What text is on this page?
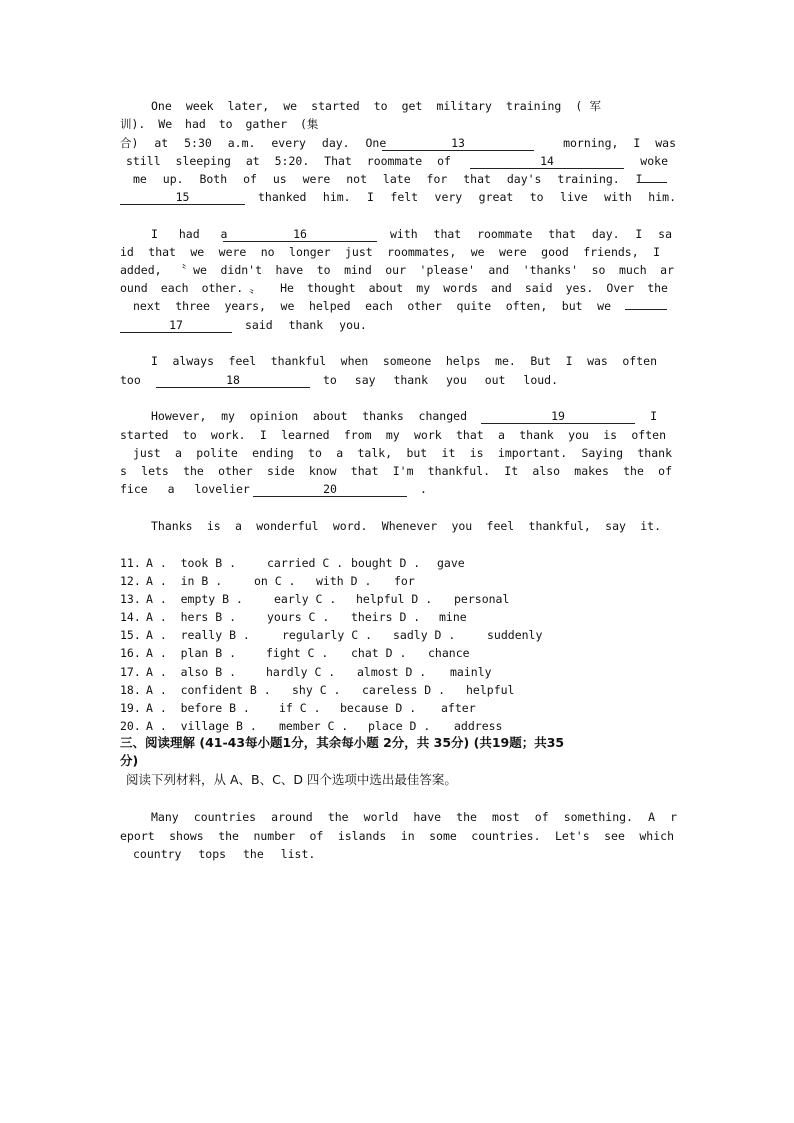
One week later, we started to get military training (军
训). We had to gather (集
合) at 5:30 a.m. every day. One	13	morning, I was
still sleeping at 5:20. That roommate of	14	woke
me up. Both of us were not late for that day's training. I
15	thanked him. I felt very great to live with him.
I had a	16	with that roommate that day. I sa
id that we were no longer just roommates, we were good friends, I
added, 〝we didn't have to mind our 'please' and 'thanks' so much ar
ound each other.〟 He thought about my words and said yes. Over the
next three years, we helped each other quite often, but we
17	said thank you.
I always feel thankful when someone helps me. But I was often
too	18	to say thank you out loud.
However, my opinion about thanks changed	19	I
started to work. I learned from my work that a thank you is often
just a polite ending to a talk, but it is important. Saying thank
s lets the other side know that I'm thankful. It also makes the of
fice a lovelier	20	.
Thanks is a wonderful word. Whenever you feel thankful, say it.
11. A .  took B .	carried C . bought D . gave
12. A .  in B .	on C . with D . for
13. A .  empty B .	early C . helpful D . personal
14. A .  hers B .	yours C . theirs D . mine
15. A .  really B .	regularly C . sadly D .	suddenly
16. A .  plan B .	fight C . chat D . chance
17. A .  also B .	hardly C . almost D . mainly
18. A .  confident B . shy C . careless D . helpful
19. A .  before B .	if C . because D . after
20. A .  village B . member C . place D . address
三、阅读理解 (41-43每小题1分，其余每小题 2分，共 35分) (共19题；共35
分)
阅读下列材料，从 A、B、C、D 四个选项中选出最佳答案。
Many countries around the world have the most of something. A r
eport shows the number of islands in some countries. Let's see which
country tops the list.
